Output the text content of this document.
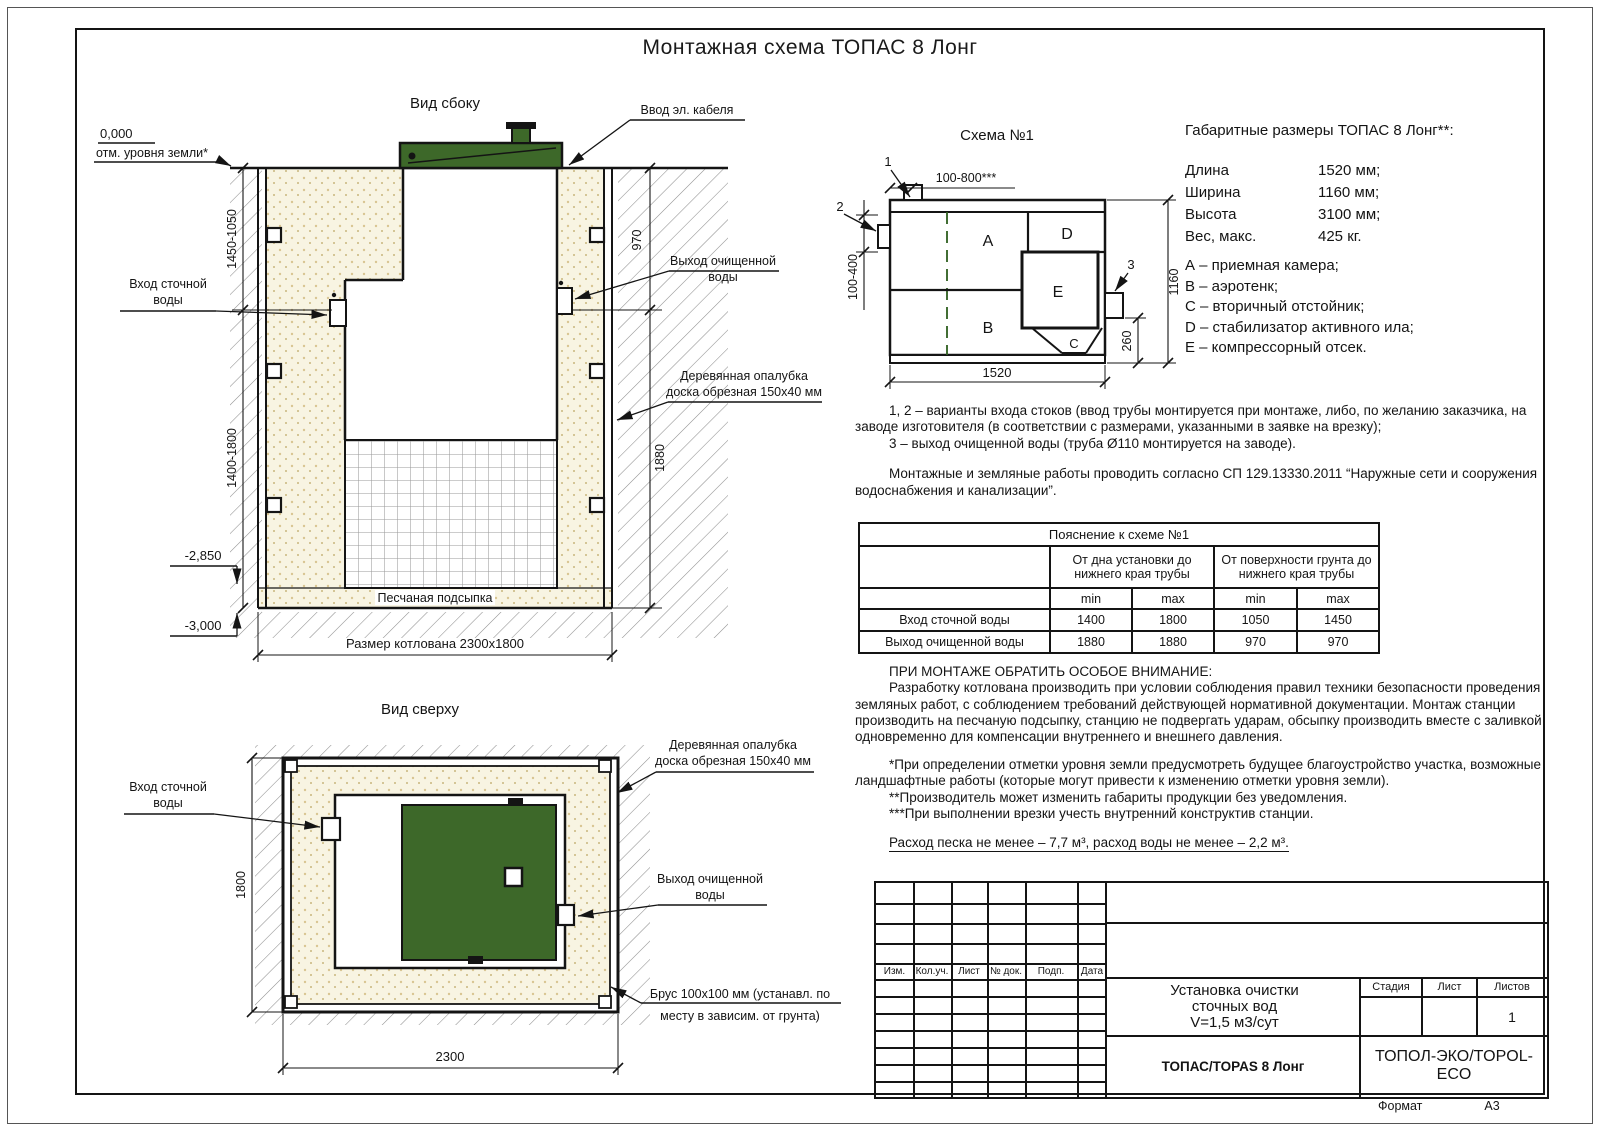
Монтажная схема ТОПАС 8 Лонг
1450-1050
1400-1800
970
1880
Размер котлована 2300х1800
Песчаная подсыпка
0,000
отм. уровня земли*
-2,850
-3,000
Вид сбоку	Ввод эл. кабеля
Вход сточной
воды
Выход очищенной
воды
Деревянная опалубка
доска обрезная 150х40 мм
Вид сверху
1800
2300
Вход сточной
воды
Деревянная опалубка
доска обрезная 150х40 мм
Выход очищенной
воды
Брус 100х100 мм (устанавл. по
месту в зависим. от грунта)
Схема №1
A
B
D
E
C
1
2
3
100-800***
100-400
260
1160
1520
Габаритные размеры ТОПАС 8 Лонг**:
Длина	1520 мм;
Ширина	1160 мм;
Высота	3100 мм;
Вес, макс.	425 кг.
А – приемная камера;
В – аэротенк;
С – вторичный отстойник;
D – стабилизатор активного ила;
Е – компрессорный отсек.

1, 2 – варианты входа стоков (ввод трубы монтируется при монтаже, либо, по желанию заказчика, на заводе изготовителя (в соответствии с размерами, указанными в заявке на врезку);

3 – выход очищенной воды (труба Ø110 монтируется на заводе).

Монтажные и земляные работы проводить согласно СП 129.13330.2011 “Наружные сети и сооружения водоснабжения и канализации”.

Пояснение к схеме №1				
	От дна установки до нижнего края трубы		От поверхности грунта до нижнего края трубы	
	min	max	min	max
Вход сточной воды	1400	1800	1050	1450
Выход очищенной воды	1880	1880	970	970

ПРИ МОНТАЖЕ ОБРАТИТЬ ОСОБОЕ ВНИМАНИЕ:

Разработку котлована производить при условии соблюдения правил техники безопасности проведения земляных работ, с соблюдением требований действующей нормативной документации. Монтаж станции производить на песчаную подсыпку, станцию не подвергать ударам, обсыпку производить вместе с заливкой одновременно для компенсации внутреннего и внешнего давления.

*При определении отметки уровня земли предусмотреть будущее благоустройство участка, возможные ландшафтные работы (которые могут привести к изменению отметки уровня земли).

**Производитель может изменить габариты продукции без уведомления.

***При выполнении врезки учесть внутренний конструктив станции.

Расход песка не менее – 7,7 м³, расход воды не менее – 2,2 м³.

Изм.	Кол.уч. Лист	№ док.	Подп.	Дата
Стадия	Лист	Листов
1
Установка очистки
сточных вод
V=1,5 м3/сут
ТОПАС/TOPAS 8 Лонг
ТОПОЛ-ЭКО/TOPOL-ECO
Формат	А3
